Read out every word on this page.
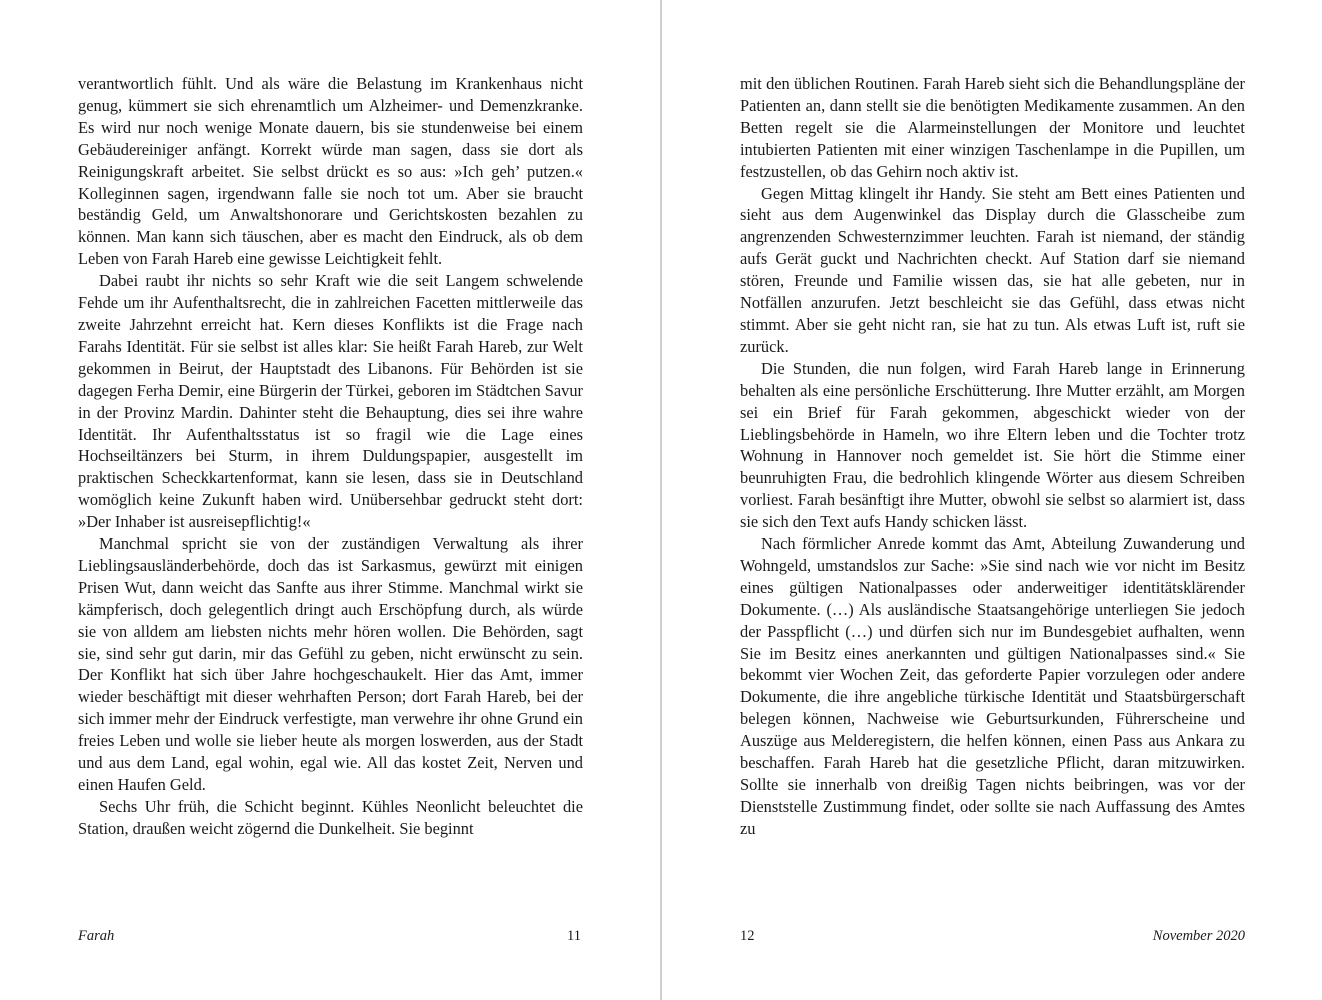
verantwortlich fühlt. Und als wäre die Belastung im Krankenhaus nicht genug, kümmert sie sich ehrenamtlich um Alzheimer- und Demenzkranke. Es wird nur noch wenige Monate dauern, bis sie stundenweise bei einem Gebäudereiniger anfängt. Korrekt würde man sagen, dass sie dort als Reinigungskraft arbeitet. Sie selbst drückt es so aus: »Ich geh’ putzen.« Kolleginnen sagen, irgendwann falle sie noch tot um. Aber sie braucht beständig Geld, um Anwaltshonorare und Gerichtskosten bezahlen zu können. Man kann sich täuschen, aber es macht den Eindruck, als ob dem Leben von Farah Hareb eine gewisse Leichtigkeit fehlt.

Dabei raubt ihr nichts so sehr Kraft wie die seit Langem schwelende Fehde um ihr Aufenthaltsrecht, die in zahlreichen Facetten mittlerweile das zweite Jahrzehnt erreicht hat. Kern dieses Konflikts ist die Frage nach Farahs Identität. Für sie selbst ist alles klar: Sie heißt Farah Hareb, zur Welt gekommen in Beirut, der Hauptstadt des Libanons. Für Behörden ist sie dagegen Ferha Demir, eine Bürgerin der Türkei, geboren im Städtchen Savur in der Provinz Mardin. Dahinter steht die Behauptung, dies sei ihre wahre Identität. Ihr Aufenthaltsstatus ist so fragil wie die Lage eines Hochseiltänzers bei Sturm, in ihrem Duldungspapier, ausgestellt im praktischen Scheckkartenformat, kann sie lesen, dass sie in Deutschland womöglich keine Zukunft haben wird. Unübersehbar gedruckt steht dort: »Der Inhaber ist ausreisepflichtig!«

Manchmal spricht sie von der zuständigen Verwaltung als ihrer Lieblingsausländerbehörde, doch das ist Sarkasmus, gewürzt mit einigen Prisen Wut, dann weicht das Sanfte aus ihrer Stimme. Manchmal wirkt sie kämpferisch, doch gelegentlich dringt auch Erschöpfung durch, als würde sie von alldem am liebsten nichts mehr hören wollen. Die Behörden, sagt sie, sind sehr gut darin, mir das Gefühl zu geben, nicht erwünscht zu sein. Der Konflikt hat sich über Jahre hochgeschaukelt. Hier das Amt, immer wieder beschäftigt mit dieser wehrhaften Person; dort Farah Hareb, bei der sich immer mehr der Eindruck verfestigte, man verwehre ihr ohne Grund ein freies Leben und wolle sie lieber heute als morgen loswerden, aus der Stadt und aus dem Land, egal wohin, egal wie. All das kostet Zeit, Nerven und einen Haufen Geld.

Sechs Uhr früh, die Schicht beginnt. Kühles Neonlicht beleuchtet die Station, draußen weicht zögernd die Dunkelheit. Sie beginnt

Farah	11

mit den üblichen Routinen. Farah Hareb sieht sich die Behandlungspläne der Patienten an, dann stellt sie die benötigten Medikamente zusammen. An den Betten regelt sie die Alarmeinstellungen der Monitore und leuchtet intubierten Patienten mit einer winzigen Taschenlampe in die Pupillen, um festzustellen, ob das Gehirn noch aktiv ist.

Gegen Mittag klingelt ihr Handy. Sie steht am Bett eines Patienten und sieht aus dem Augenwinkel das Display durch die Glasscheibe zum angrenzenden Schwesternzimmer leuchten. Farah ist niemand, der ständig aufs Gerät guckt und Nachrichten checkt. Auf Station darf sie niemand stören, Freunde und Familie wissen das, sie hat alle gebeten, nur in Notfällen anzurufen. Jetzt beschleicht sie das Gefühl, dass etwas nicht stimmt. Aber sie geht nicht ran, sie hat zu tun. Als etwas Luft ist, ruft sie zurück.

Die Stunden, die nun folgen, wird Farah Hareb lange in Erinnerung behalten als eine persönliche Erschütterung. Ihre Mutter erzählt, am Morgen sei ein Brief für Farah gekommen, abgeschickt wieder von der Lieblingsbehörde in Hameln, wo ihre Eltern leben und die Tochter trotz Wohnung in Hannover noch gemeldet ist. Sie hört die Stimme einer beunruhigten Frau, die bedrohlich klingende Wörter aus diesem Schreiben vorliest. Farah besänftigt ihre Mutter, obwohl sie selbst so alarmiert ist, dass sie sich den Text aufs Handy schicken lässt.

Nach förmlicher Anrede kommt das Amt, Abteilung Zuwanderung und Wohngeld, umstandslos zur Sache: »Sie sind nach wie vor nicht im Besitz eines gültigen Nationalpasses oder anderweitiger identitätsklärender Dokumente. (…) Als ausländische Staatsangehörige unterliegen Sie jedoch der Passpflicht (…) und dürfen sich nur im Bundesgebiet aufhalten, wenn Sie im Besitz eines anerkannten und gültigen Nationalpasses sind.« Sie bekommt vier Wochen Zeit, das geforderte Papier vorzulegen oder andere Dokumente, die ihre angebliche türkische Identität und Staatsbürgerschaft belegen können, Nachweise wie Geburtsurkunden, Führerscheine und Auszüge aus Melderegistern, die helfen können, einen Pass aus Ankara zu beschaffen. Farah Hareb hat die gesetzliche Pflicht, daran mitzuwirken. Sollte sie innerhalb von dreißig Tagen nichts beibringen, was vor der Dienststelle Zustimmung findet, oder sollte sie nach Auffassung des Amtes zu

12	November 2020
